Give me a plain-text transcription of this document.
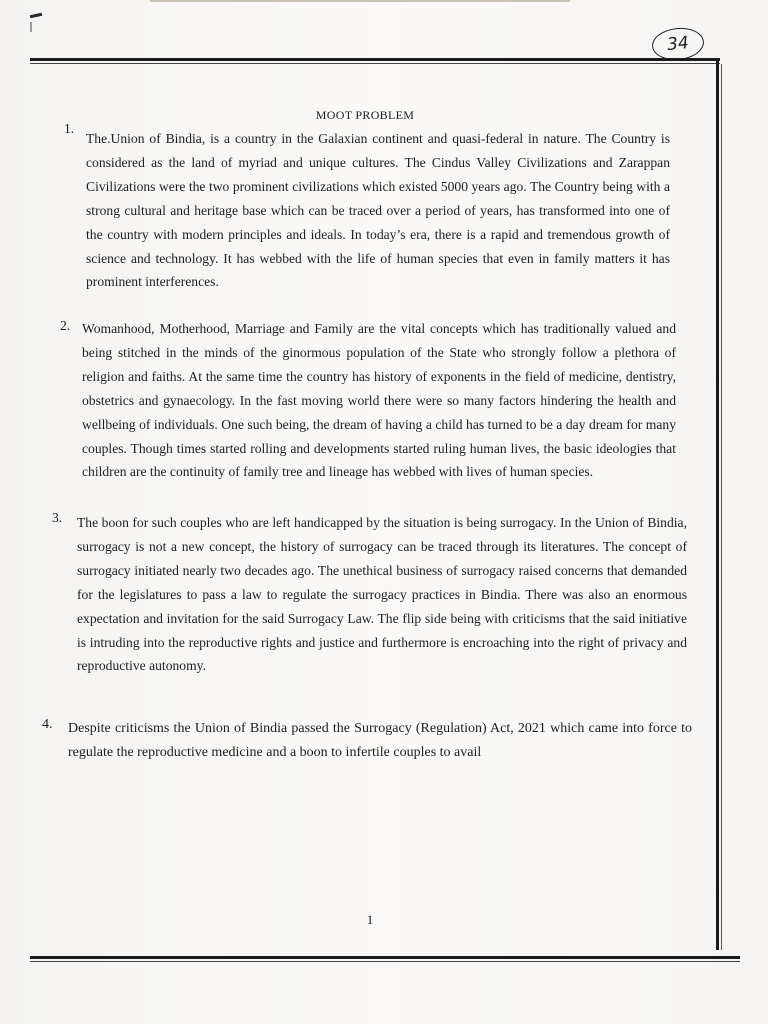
34
MOOT PROBLEM
1.

The.Union of Bindia, is a country in the Galaxian continent and quasi-federal in nature. The Country is considered as the land of myriad and unique cultures. The Cindus Valley Civilizations and Zarappan Civilizations were the two prominent civilizations which existed 5000 years ago. The Country being with a strong cultural and heritage base which can be traced over a period of years, has transformed into one of the country with modern principles and ideals. In today’s era, there is a rapid and tremendous growth of science and technology. It has webbed with the life of human species that even in family matters it has prominent interferences.

2. Womanhood, Motherhood, Marriage and Family are the vital concepts which has traditionally valued and being stitched in the minds of the ginormous population of the State who strongly follow a plethora of religion and faiths. At the same time the country has history of exponents in the field of medicine, dentistry, obstetrics and gynaecology. In the fast moving world there were so many factors hindering the health and wellbeing of individuals. One such being, the dream of having a child has turned to be a day dream for many couples. Though times started rolling and developments started ruling human lives, the basic ideologies that children are the continuity of family tree and lineage has webbed with lives of human species.

3. The boon for such couples who are left handicapped by the situation is being surrogacy. In the Union of Bindia, surrogacy is not a new concept, the history of surrogacy can be traced through its literatures. The concept of surrogacy initiated nearly two decades ago. The unethical business of surrogacy raised concerns that demanded for the legislatures to pass a law to regulate the surrogacy practices in Bindia. There was also an enormous expectation and invitation for the said Surrogacy Law. The flip side being with criticisms that the said initiative is intruding into the reproductive rights and justice and furthermore is encroaching into the right of privacy and reproductive autonomy.

4. Despite criticisms the Union of Bindia passed the Surrogacy (Regulation) Act, 2021 which came into force to regulate the reproductive medicine and a boon to infertile couples to avail

1
